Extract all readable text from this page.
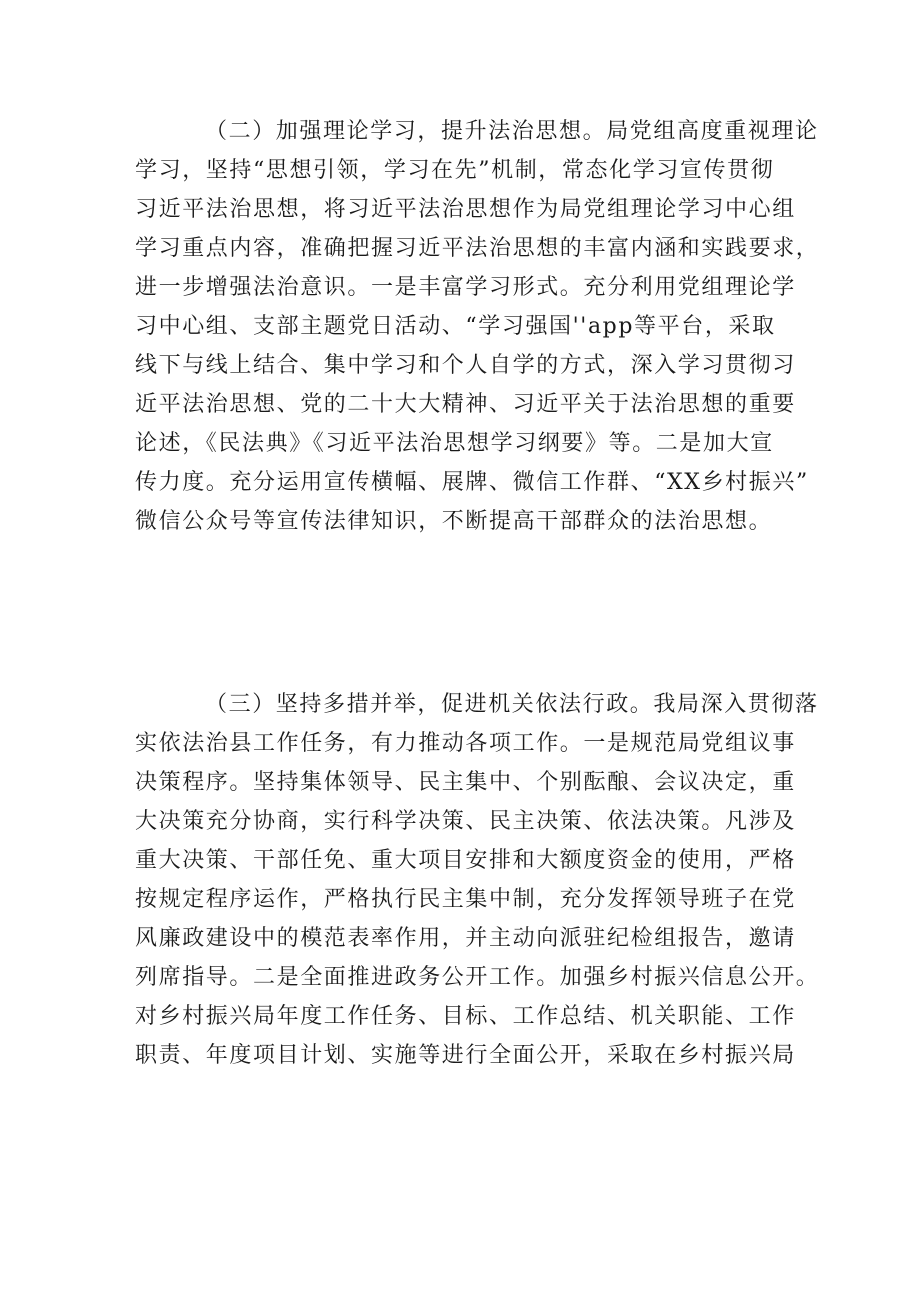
（二）加强理论学习，提升法治思想。局党组高度重视理论
学习，坚持“思想引领，学习在先”机制，常态化学习宣传贯彻
习近平法治思想，将习近平法治思想作为局党组理论学习中心组
学习重点内容，准确把握习近平法治思想的丰富内涵和实践要求，
进一步增强法治意识。一是丰富学习形式。充分利用党组理论学
习中心组、支部主题党日活动、“学习强国''app等平台，采取
线下与线上结合、集中学习和个人自学的方式，深入学习贯彻习
近平法治思想、党的二十大大精神、习近平关于法治思想的重要
论述，《民法典》《习近平法治思想学习纲要》等。二是加大宣
传力度。充分运用宣传横幅、展牌、微信工作群、“XX乡村振兴”
微信公众号等宣传法律知识，不断提高干部群众的法治思想。
（三）坚持多措并举，促进机关依法行政。我局深入贯彻落
实依法治县工作任务，有力推动各项工作。一是规范局党组议事
决策程序。坚持集体领导、民主集中、个别酝酿、会议决定，重
大决策充分协商，实行科学决策、民主决策、依法决策。凡涉及
重大决策、干部任免、重大项目安排和大额度资金的使用，严格
按规定程序运作，严格执行民主集中制，充分发挥领导班子在党
风廉政建设中的模范表率作用，并主动向派驻纪检组报告，邀请
列席指导。二是全面推进政务公开工作。加强乡村振兴信息公开。
对乡村振兴局年度工作任务、目标、工作总结、机关职能、工作
职责、年度项目计划、实施等进行全面公开，采取在乡村振兴局
